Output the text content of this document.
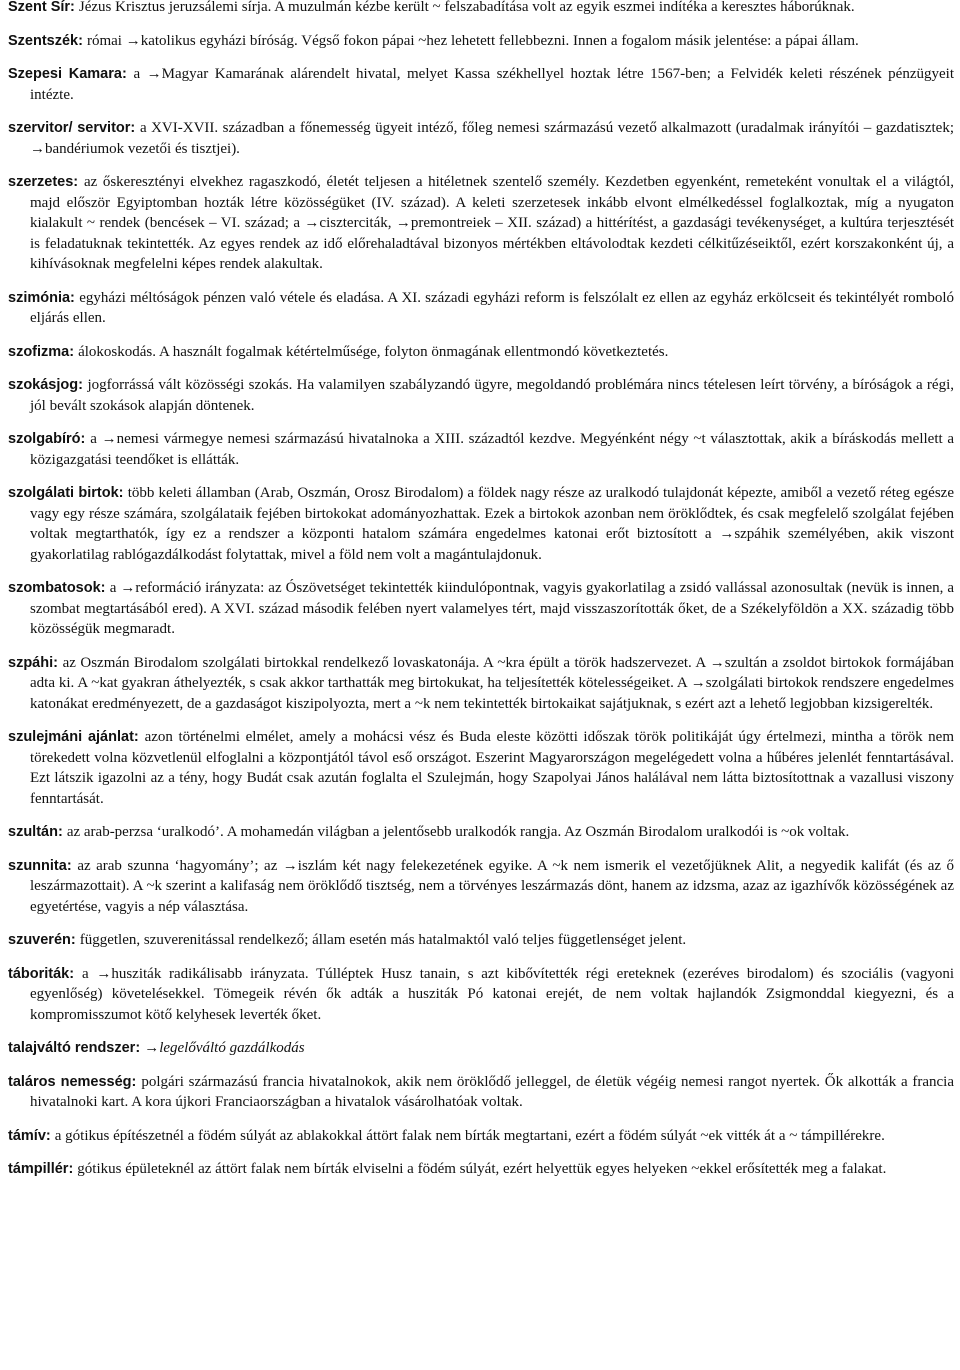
Szent Sír: Jézus Krisztus jeruzsálemi sírja. A muzulmán kézbe került ~ felszabadítása volt az egyik eszmei indítéka a keresztes háborúknak.

Szentszék: római →katolikus egyházi bíróság. Végső fokon pápai ~hez lehetett fellebbezni. Innen a fogalom másik jelentése: a pápai állam.

Szepesi Kamara: a →Magyar Kamarának alárendelt hivatal, melyet Kassa székhellyel hoztak létre 1567-ben; a Felvidék keleti részének pénzügyeit intézte.

szervitor/ servitor: a XVI-XVII. században a főnemesség ügyeit intéző, főleg nemesi származású vezető alkalmazott (uradalmak irányítói – gazdatisztek; →bandériumok vezetői és tisztjei).

szerzetes: az őskeresztényi elvekhez ragaszkodó, életét teljesen a hitéletnek szentelő személy. Kezdetben egyenként, remeteként vonultak el a világtól, majd először Egyiptomban hozták létre közösségüket (IV. század). A keleti szerzetesek inkább elvont elmélkedéssel foglalkoztak, míg a nyugaton kialakult ~ rendek (bencések – VI. század; a →ciszterciták, →premontreiek – XII. század) a hittérítést, a gazdasági tevékenységet, a kultúra terjesztését is feladatuknak tekintették. Az egyes rendek az idő előrehaladtával bizonyos mértékben eltávolodtak kezdeti célkitűzéseiktől, ezért korszakonként új, a kihívásoknak megfelelni képes rendek alakultak.

szimónia: egyházi méltóságok pénzen való vétele és eladása. A XI. századi egyházi reform is felszólalt ez ellen az egyház erkölcseit és tekintélyét romboló eljárás ellen.

szofizma: álokoskodás. A használt fogalmak kétértelműsége, folyton önmagának ellentmondó következtetés.

szokásjog: jogforrássá vált közösségi szokás. Ha valamilyen szabályzandó ügyre, megoldandó problémára nincs tételesen leírt törvény, a bíróságok a régi, jól bevált szokások alapján döntenek.

szolgabíró: a →nemesi vármegye nemesi származású hivatalnoka a XIII. századtól kezdve. Megyénként négy ~t választottak, akik a bíráskodás mellett a közigazgatási teendőket is ellátták.

szolgálati birtok: több keleti államban (Arab, Oszmán, Orosz Birodalom) a földek nagy része az uralkodó tulajdonát képezte, amiből a vezető réteg egésze vagy egy része számára, szolgálataik fejében birtokokat adományozhattak. Ezek a birtokok azonban nem öröklődtek, és csak megfelelő szolgálat fejében voltak megtarthatók, így ez a rendszer a központi hatalom számára engedelmes katonai erőt biztosított a →szpáhik személyében, akik viszont gyakorlatilag rablógazdálkodást folytattak, mivel a föld nem volt a magántulajdonuk.

szombatosok: a →reformáció irányzata: az Ószövetséget tekintették kiindulópontnak, vagyis gyakorlatilag a zsidó vallással azonosultak (nevük is innen, a szombat megtartásából ered). A XVI. század második felében nyert valamelyes tért, majd visszaszorították őket, de a Székelyföldön a XX. századig több közösségük megmaradt.

szpáhi: az Oszmán Birodalom szolgálati birtokkal rendelkező lovaskatonája. A ~kra épült a török hadszervezet. A →szultán a zsoldot birtokok formájában adta ki. A ~kat gyakran áthelyezték, s csak akkor tarthatták meg birtokukat, ha teljesítették kötelességeiket. A →szolgálati birtokok rendszere engedelmes katonákat eredményezett, de a gazdaságot kiszipolyozta, mert a ~k nem tekintették birtokaikat sajátjuknak, s ezért azt a lehető legjobban kizsigerelték.

szulejmáni ajánlat: azon történelmi elmélet, amely a mohácsi vész és Buda eleste közötti időszak török politikáját úgy értelmezi, mintha a török nem törekedett volna közvetlenül elfoglalni a központjától távol eső országot. Eszerint Magyarországon megelégedett volna a hűbéres jelenlét fenntartásával. Ezt látszik igazolni az a tény, hogy Budát csak azután foglalta el Szulejmán, hogy Szapolyai János halálával nem látta biztosítottnak a vazallusi viszony fenntartását.

szultán: az arab-perzsa ‘uralkodó’. A mohamedán világban a jelentősebb uralkodók rangja. Az Oszmán Birodalom uralkodói is ~ok voltak.

szunnita: az arab szunna ‘hagyomány’; az →iszlám két nagy felekezetének egyike. A ~k nem ismerik el vezetőjüknek Alit, a negyedik kalifát (és az ő leszármazottait). A ~k szerint a kalifaság nem öröklődő tisztség, nem a törvényes leszármazás dönt, hanem az idzsma, azaz az igazhívők közösségének az egyetértése, vagyis a nép választása.

szuverén: független, szuverenitással rendelkező; állam esetén más hatalmaktól való teljes függetlenséget jelent.

táboriták: a →husziták radikálisabb irányzata. Túlléptek Husz tanain, s azt kibővítették régi ereteknek (ezeréves birodalom) és szociális (vagyoni egyenlőség) követelésekkel. Tömegeik révén ők adták a husziták Pó katonai erejét, de nem voltak hajlandók Zsigmonddal kiegyezni, és a kompromisszumot kötő kelyhesek leverték őket.

talajváltó rendszer: →legelőváltó gazdálkodás

taláros nemesség: polgári származású francia hivatalnokok, akik nem öröklődő jelleggel, de életük végéig nemesi rangot nyertek. Ők alkották a francia hivatalnoki kart. A kora újkori Franciaországban a hivatalok vásárolhatóak voltak.

támív: a gótikus építészetnél a födém súlyát az ablakokkal áttört falak nem bírták megtartani, ezért a födém súlyát ~ek vitték át a ~ támpillérekre.

támpillér: gótikus épületeknél az áttört falak nem bírták elviselni a födém súlyát, ezért helyettük egyes helyeken ~ekkel erősítették meg a falakat.
